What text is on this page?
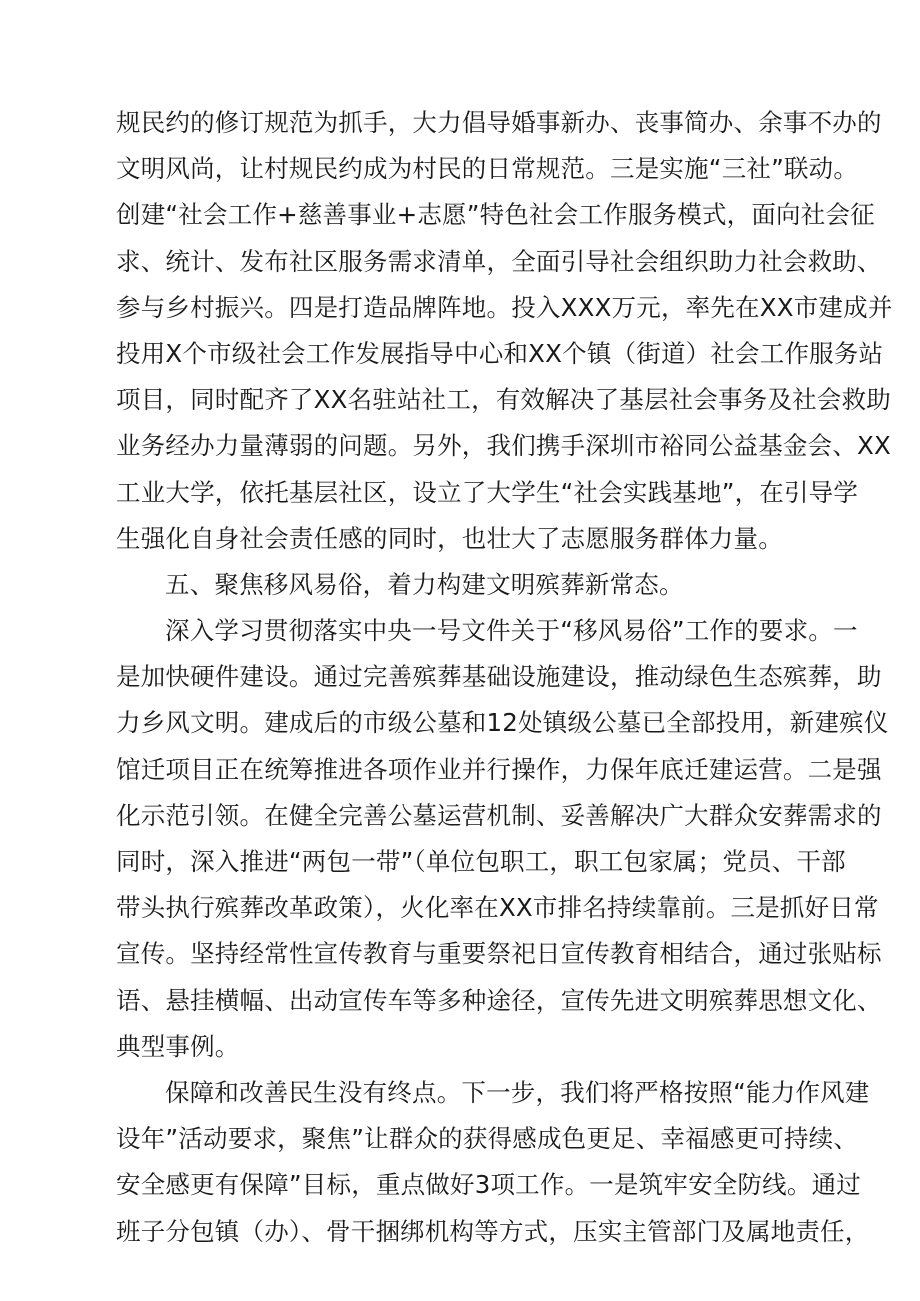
规民约的修订规范为抓手，大力倡导婚事新办、丧事简办、余事不办的
文明风尚，让村规民约成为村民的日常规范。三是实施“三社”联动。
创建“社会工作+慈善事业+志愿”特色社会工作服务模式，面向社会征
求、统计、发布社区服务需求清单，全面引导社会组织助力社会救助、
参与乡村振兴。四是打造品牌阵地。投入XXX万元，率先在XX市建成并
投用X个市级社会工作发展指导中心和XX个镇（街道）社会工作服务站
项目，同时配齐了XX名驻站社工，有效解决了基层社会事务及社会救助
业务经办力量薄弱的问题。另外，我们携手深圳市裕同公益基金会、XX
工业大学，依托基层社区，设立了大学生“社会实践基地”，在引导学
生强化自身社会责任感的同时，也壮大了志愿服务群体力量。
五、聚焦移风易俗，着力构建文明殡葬新常态。
深入学习贯彻落实中央一号文件关于“移风易俗”工作的要求。一
是加快硬件建设。通过完善殡葬基础设施建设，推动绿色生态殡葬，助
力乡风文明。建成后的市级公墓和12处镇级公墓已全部投用，新建殡仪
馆迁项目正在统筹推进各项作业并行操作，力保年底迁建运营。二是强
化示范引领。在健全完善公墓运营机制、妥善解决广大群众安葬需求的
同时，深入推进“两包一带”（单位包职工，职工包家属；党员、干部
带头执行殡葬改革政策），火化率在XX市排名持续靠前。三是抓好日常
宣传。坚持经常性宣传教育与重要祭祀日宣传教育相结合，通过张贴标
语、悬挂横幅、出动宣传车等多种途径，宣传先进文明殡葬思想文化、
典型事例。
保障和改善民生没有终点。下一步，我们将严格按照“能力作风建
设年”活动要求，聚焦”让群众的获得感成色更足、幸福感更可持续、
安全感更有保障”目标，重点做好3项工作。一是筑牢安全防线。通过
班子分包镇（办）、骨干捆绑机构等方式，压实主管部门及属地责任，
